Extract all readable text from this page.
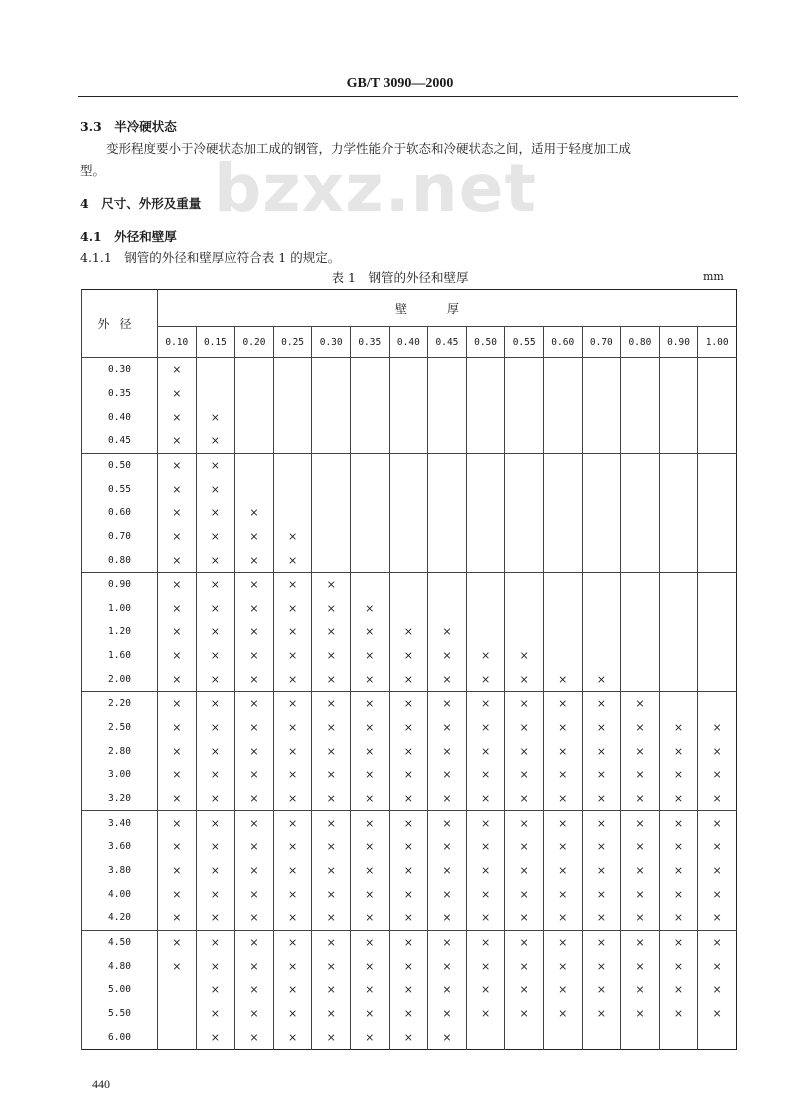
GB/T 3090—2000
3.3　半冷硬状态
变形程度要小于冷硬状态加工成的钢管，力学性能介于软态和冷硬状态之间，适用于轻度加工成
型。
4　尺寸、外形及重量
4.1　外径和壁厚
4.1.1　钢管的外径和壁厚应符合表 1 的规定。
bzxz.net
表 1　钢管的外径和壁厚	mm
外径	壁厚														
	0.10	0.15	0.20	0.25	0.30	0.35	0.40	0.45	0.50	0.55	0.60	0.70	0.80	0.90	1.00
0.30	×														
0.35	×														
0.40	×	×													
0.45	×	×													
0.50	×	×													
0.55	×	×													
0.60	×	×	×												
0.70	×	×	×	×											
0.80	×	×	×	×											
0.90	×	×	×	×	×										
1.00	×	×	×	×	×	×									
1.20	×	×	×	×	×	×	×	×							
1.60	×	×	×	×	×	×	×	×	×	×					
2.00	×	×	×	×	×	×	×	×	×	×	×	×			
2.20	×	×	×	×	×	×	×	×	×	×	×	×	×		
2.50	×	×	×	×	×	×	×	×	×	×	×	×	×	×	×
2.80	×	×	×	×	×	×	×	×	×	×	×	×	×	×	×
3.00	×	×	×	×	×	×	×	×	×	×	×	×	×	×	×
3.20	×	×	×	×	×	×	×	×	×	×	×	×	×	×	×
3.40	×	×	×	×	×	×	×	×	×	×	×	×	×	×	×
3.60	×	×	×	×	×	×	×	×	×	×	×	×	×	×	×
3.80	×	×	×	×	×	×	×	×	×	×	×	×	×	×	×
4.00	×	×	×	×	×	×	×	×	×	×	×	×	×	×	×
4.20	×	×	×	×	×	×	×	×	×	×	×	×	×	×	×
4.50	×	×	×	×	×	×	×	×	×	×	×	×	×	×	×
4.80	×	×	×	×	×	×	×	×	×	×	×	×	×	×	×
5.00		×	×	×	×	×	×	×	×	×	×	×	×	×	×
5.50		×	×	×	×	×	×	×	×	×	×	×	×	×	×
6.00		×	×	×	×	×	×	×							
440
